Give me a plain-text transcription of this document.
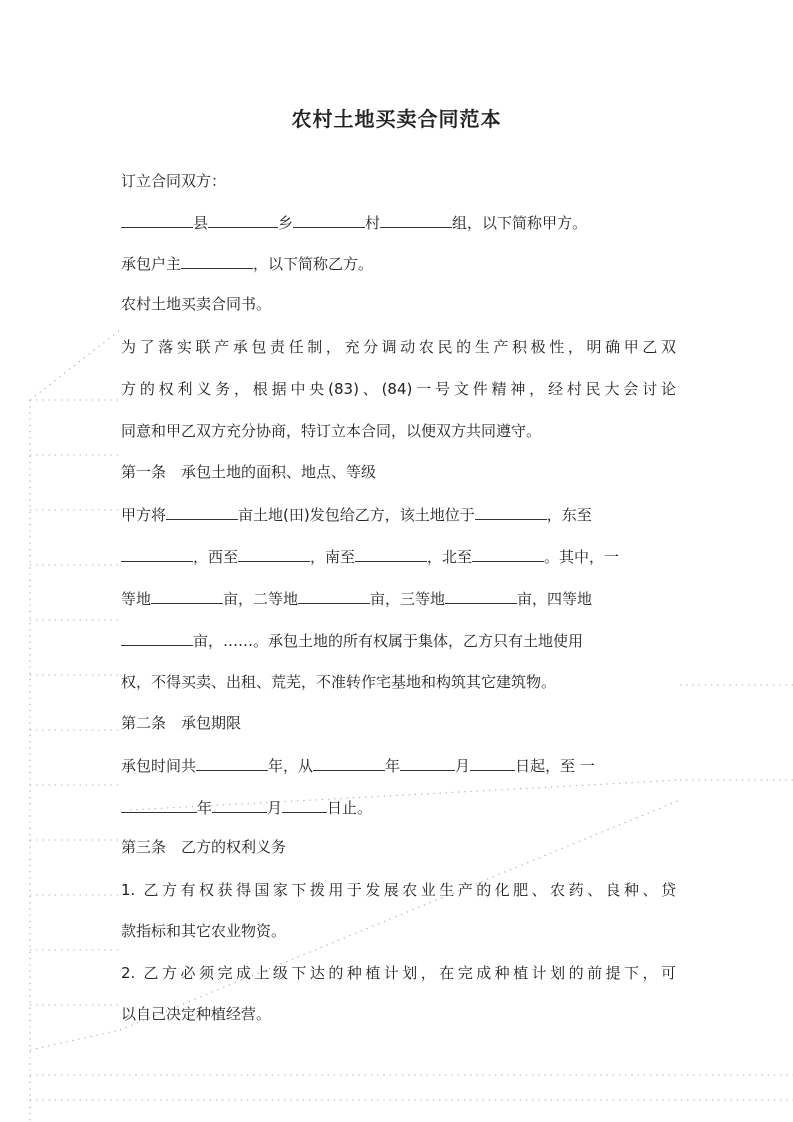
农村土地买卖合同范本
订立合同双方：
县	乡	村	组，以下简称甲方。
承包户主	，以下简称乙方。
农村土地买卖合同书。
为了落实联产承包责任制，充分调动农民的生产积极性，明确甲乙双
方的权利义务，根据中央(83)、(84)一号文件精神，经村民大会讨论
同意和甲乙双方充分协商，特订立本合同，以便双方共同遵守。
第一条　承包土地的面积、地点、等级
甲方将	亩土地(田)发包给乙方，该土地位于	，东至
，西至	，南至	，北至	。其中，一
等地	亩，二等地	亩，三等地	亩，四等地
亩，……。承包土地的所有权属于集体，乙方只有土地使用
权，不得买卖、出租、荒芜，不准转作宅基地和构筑其它建筑物。
第二条　承包期限
承包时间共	年，从	年	月	日起，至 一
年	月	日止。
第三条　乙方的权利义务
1. 乙方有权获得国家下拨用于发展农业生产的化肥、农药、良种、贷
款指标和其它农业物资。
2. 乙方必须完成上级下达的种植计划，在完成种植计划的前提下，可
以自己决定种植经营。
